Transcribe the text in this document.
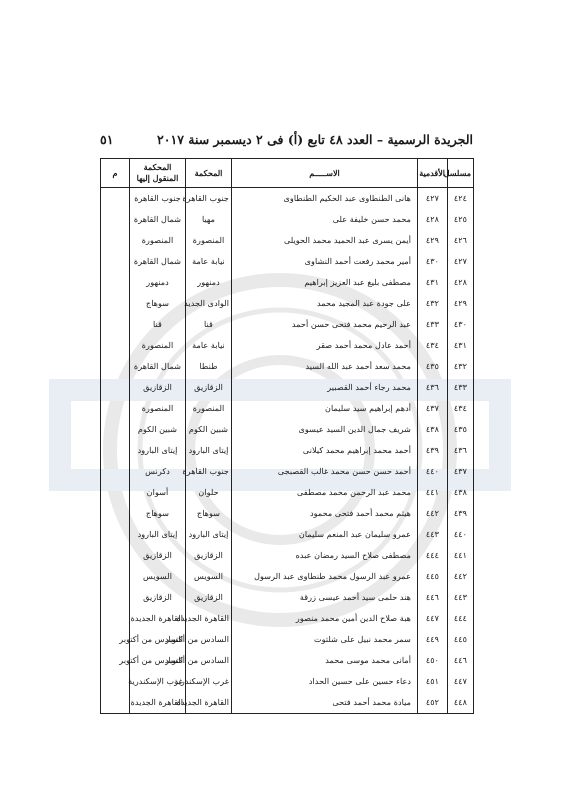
الجريدة الرسمية – العدد ٤٨ تابع (أ) فى ٢ ديسمبر سنة ٢٠١٧
٥١
مسلسل	الأقدمية	الاســـــم	المحكمة	المحكمة المنقول إليها	م
٤٢٤	٤٢٧	هانى الطنطاوى عبد الحكيم الطنطاوى	جنوب القاهرة	جنوب القاهرة	
٤٢٥	٤٢٨	محمد حسن خليفة على	مهيا	شمال القاهرة	
٤٢٦	٤٢٩	أيمن يسرى عبد الحميد محمد الحويلى	المنصورة	المنصورة	
٤٢٧	٤٣٠	أمير محمد رفعت أحمد النشاوى	نيابة عامة	شمال القاهرة	
٤٢٨	٤٣١	مصطفى بليغ عبد العزيز إبراهيم	دمنهور	دمنهور	
٤٢٩	٤٣٢	على جودة عبد المجيد محمد	الوادى الجديد	سوهاج	
٤٣٠	٤٣٣	عبد الرحيم محمد فتحى حسن أحمد	قنا	قنا	
٤٣١	٤٣٤	أحمد عادل محمد أحمد صقر	نيابة عامة	المنصورة	
٤٣٢	٤٣٥	محمد سعد أحمد عبد الله السيد	طنطا	شمال القاهرة	
٤٣٣	٤٣٦	محمد رجاء أحمد القصبير	الزقازيق	الزقازيق	
٤٣٤	٤٣٧	أدهم إبراهيم سيد سليمان	المنصورة	المنصورة	
٤٣٥	٤٣٨	شريف جمال الدين السيد عيسوى	شبين الكوم	شبين الكوم	
٤٣٦	٤٣٩	أحمد محمد إبراهيم محمد كيلانى	إيتاى البارود	إيتاى البارود	
٤٣٧	٤٤٠	أحمد حسن حسن محمد غالب القصبجى	جنوب القاهرة	دكرنس	
٤٣٨	٤٤١	محمد عبد الرحمن محمد مصطفى	حلوان	أسوان	
٤٣٩	٤٤٢	هيثم محمد أحمد فتحى محمود	سوهاج	سوهاج	
٤٤٠	٤٤٣	عمرو سليمان عبد المنعم سليمان	إيتاى البارود	إيتاى البارود	
٤٤١	٤٤٤	مصطفى صلاح السيد رمضان عبده	الزقازيق	الزقازيق	
٤٤٢	٤٤٥	عمرو عبد الرسول محمد طنطاوى عبد الرسول	السويس	السويس	
٤٤٣	٤٤٦	هند حلمى سيد أحمد عيسى زرقة	الزقازيق	الزقازيق	
٤٤٤	٤٤٧	هبة صلاح الدين أمين محمد منصور	القاهرة الجديدة	القاهرة الجديدة	
٤٤٥	٤٤٩	سمر محمد نبيل على شلتوت	السادس من أكتوبر	السادس من أكتوبر	
٤٤٦	٤٥٠	أمانى محمد موسى محمد	السادس من أكتوبر	السادس من أكتوبر	
٤٤٧	٤٥١	دعاء حسين على حسين الحداد	غرب الإسكندرية	غرب الإسكندرية	
٤٤٨	٤٥٢	ميادة محمد أحمد فتحى	القاهرة الجديدة	القاهرة الجديدة	
